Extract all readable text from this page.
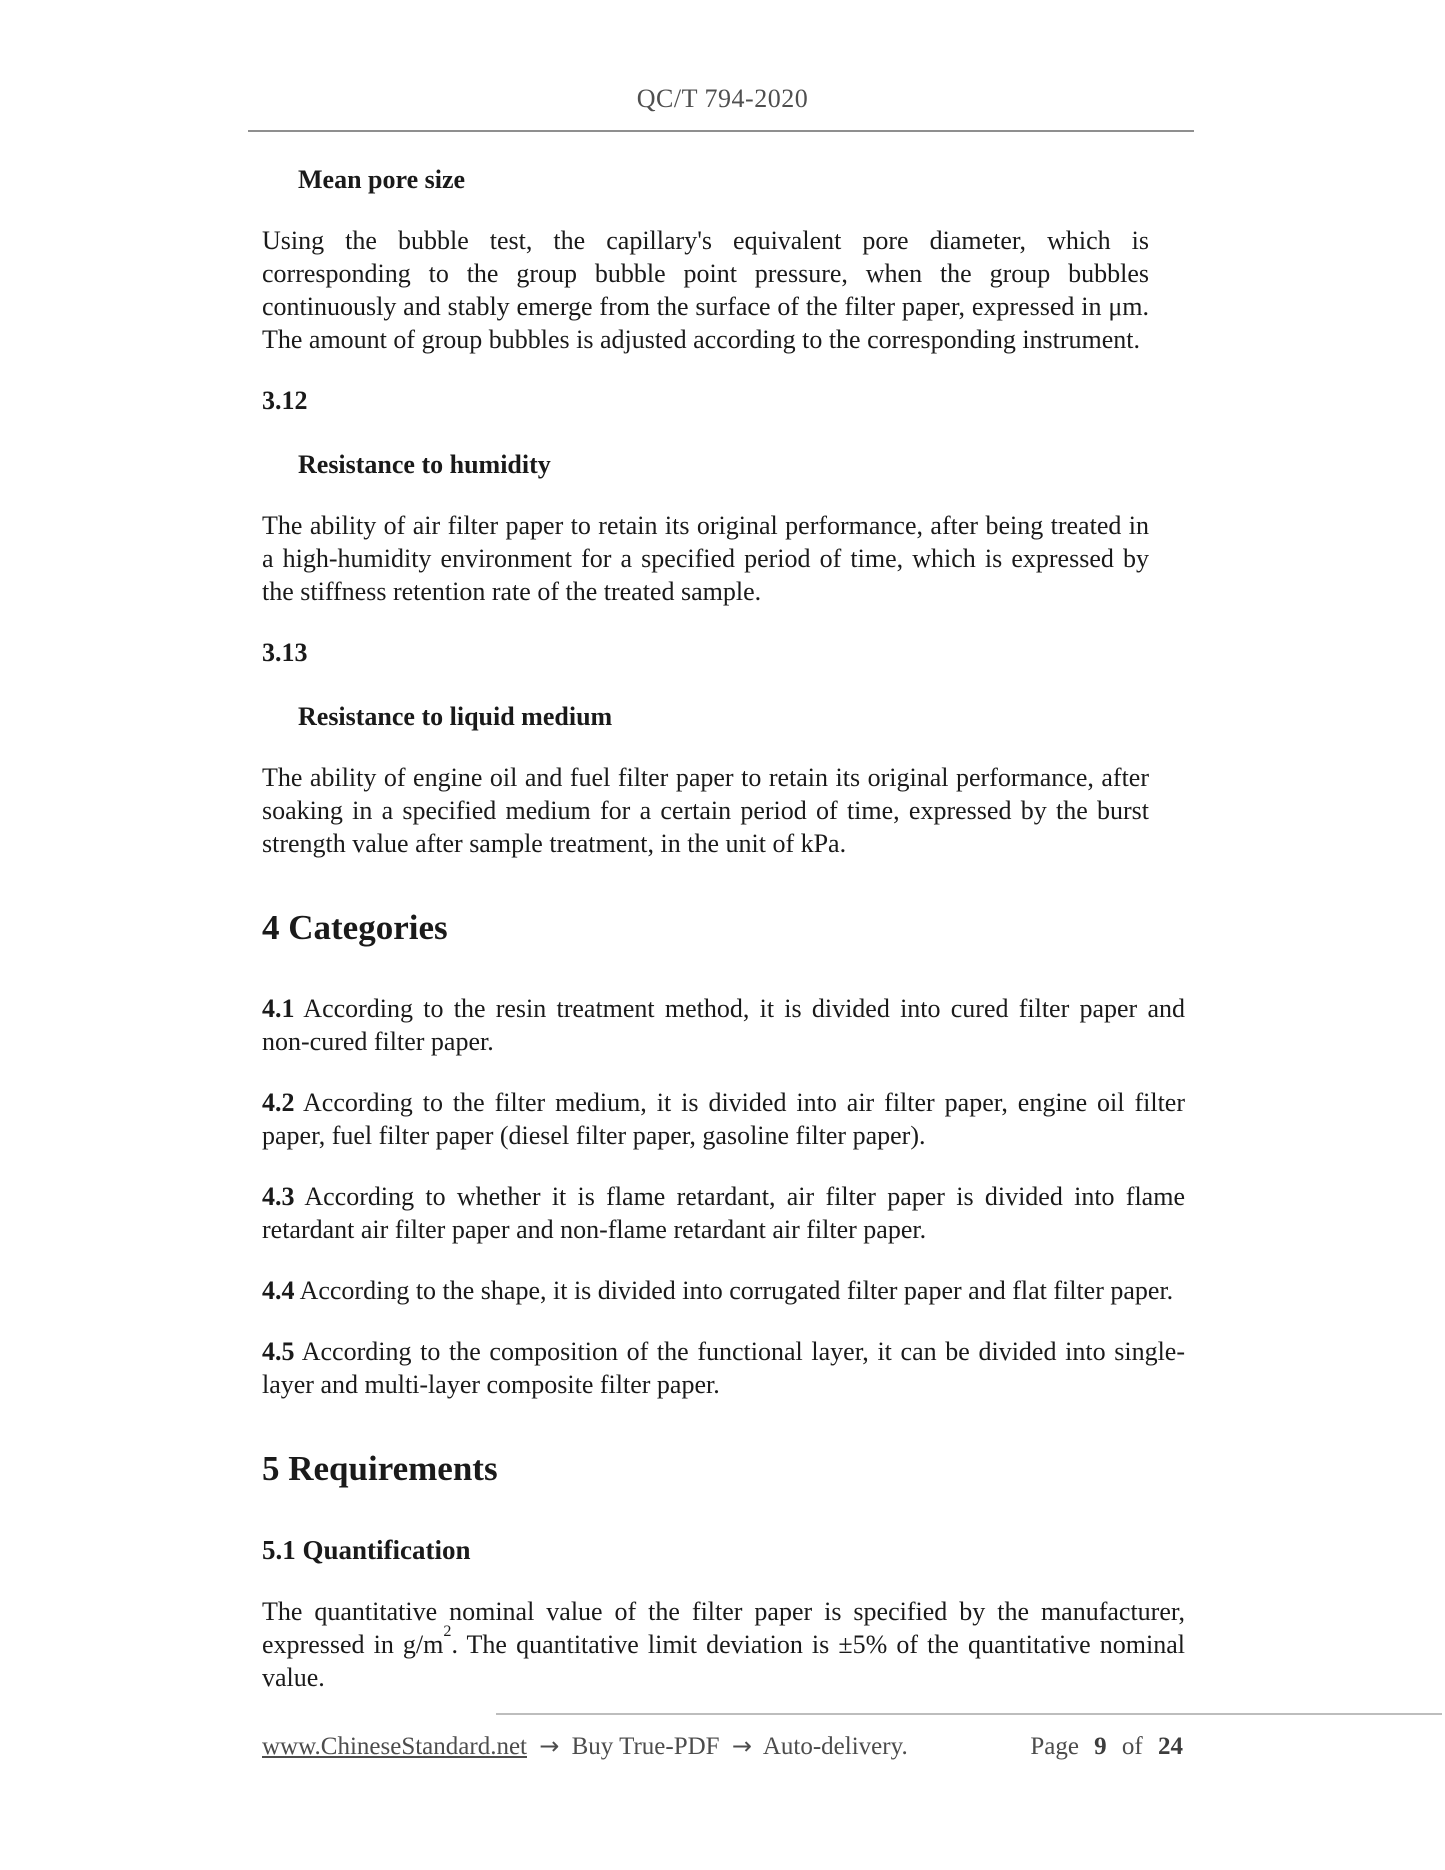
QC/T 794-2020
Mean pore size

Using the bubble test, the capillary's equivalent pore diameter, which is corresponding to the group bubble point pressure, when the group bubbles continuously and stably emerge from the surface of the filter paper, expressed in μm. The amount of group bubbles is adjusted according to the corresponding instrument.

3.12
Resistance to humidity

The ability of air filter paper to retain its original performance, after being treated in a high-humidity environment for a specified period of time, which is expressed by the stiffness retention rate of the treated sample.

3.13
Resistance to liquid medium

The ability of engine oil and fuel filter paper to retain its original performance, after soaking in a specified medium for a certain period of time, expressed by the burst strength value after sample treatment, in the unit of kPa.

4 Categories

4.1 According to the resin treatment method, it is divided into cured filter paper and non-cured filter paper.

4.2 According to the filter medium, it is divided into air filter paper, engine oil filter paper, fuel filter paper (diesel filter paper, gasoline filter paper).

4.3 According to whether it is flame retardant, air filter paper is divided into flame retardant air filter paper and non-flame retardant air filter paper.

4.4 According to the shape, it is divided into corrugated filter paper and flat filter paper.

4.5 According to the composition of the functional layer, it can be divided into single-layer and multi-layer composite filter paper.

5 Requirements
5.1 Quantification

The quantitative nominal value of the filter paper is specified by the manufacturer, expressed in $g/m^2$. The quantitative limit deviation is ±5% of the quantitative nominal value.

www.ChineseStandard.net → Buy True-PDF → Auto-delivery.	Page 9 of 24
